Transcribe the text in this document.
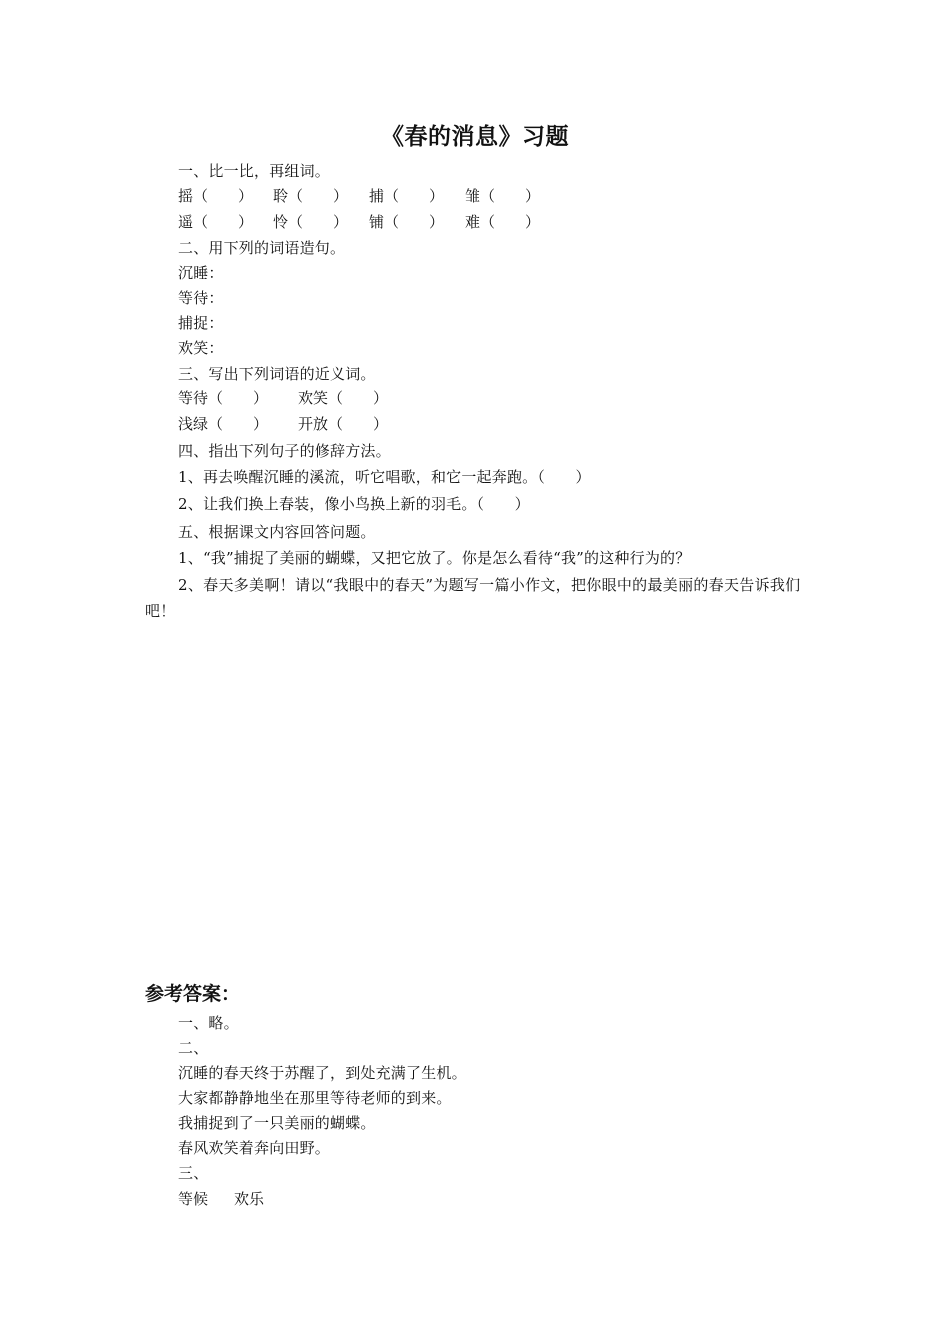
《春的消息》习题
一、比一比，再组词。
摇（　　） 聆（　　） 捕（　　） 雏（　　）
遥（　　） 怜（　　） 铺（　　） 难（　　）
二、用下列的词语造句。
沉睡：
等待：
捕捉：
欢笑：
三、写出下列词语的近义词。
等待（　　） 欢笑（　　）
浅绿（　　） 开放（　　）
四、指出下列句子的修辞方法。
1、再去唤醒沉睡的溪流，听它唱歌，和它一起奔跑。（　　）
2、让我们换上春装，像小鸟换上新的羽毛。（　　）
五、根据课文内容回答问题。
1、“我”捕捉了美丽的蝴蝶，又把它放了。你是怎么看待“我”的这种行为的？
2、春天多美啊！请以“我眼中的春天”为题写一篇小作文，把你眼中的最美丽的春天告诉我们吧！
参考答案：
一、略。
二、
沉睡的春天终于苏醒了，到处充满了生机。
大家都静静地坐在那里等待老师的到来。
我捕捉到了一只美丽的蝴蝶。
春风欢笑着奔向田野。
三、
等候 欢乐
